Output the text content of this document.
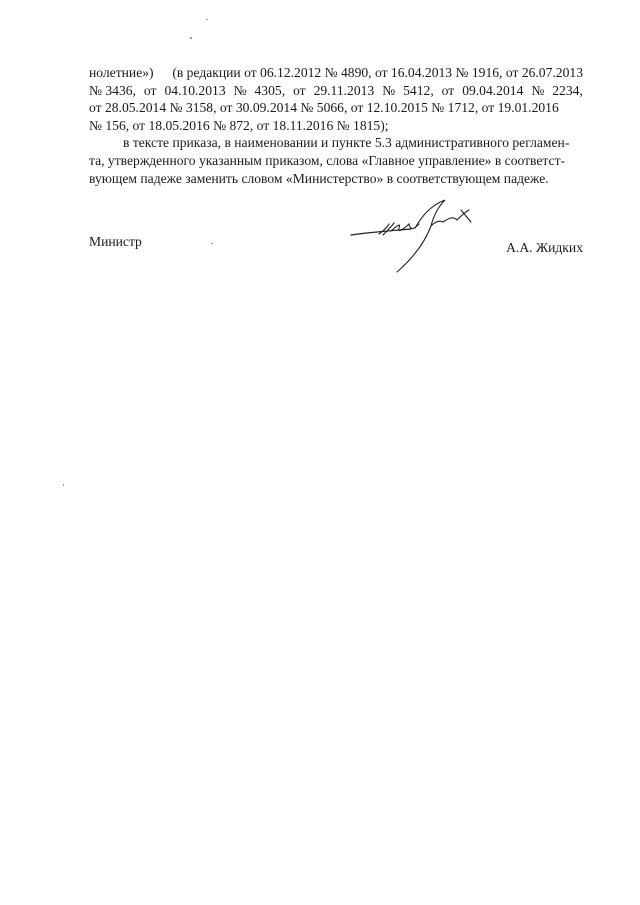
нолетние») (в редакции от 06.12.2012 № 4890, от 16.04.2013 № 1916, от 26.07.2013
№ 3436, от 04.10.2013 № 4305, от 29.11.2013 № 5412, от 09.04.2014 № 2234,
от 28.05.2014 № 3158, от 30.09.2014 № 5066, от 12.10.2015 № 1712, от 19.01.2016
№ 156, от 18.05.2016 № 872, от 18.11.2016 № 1815);
в тексте приказа, в наименовании и пункте 5.3 административного регламен-
та, утвержденного указанным приказом, слова «Главное управление» в соответст-
вующем падеже заменить словом «Министерство» в соответствующем падеже.
Министр	А.А. Жидких
